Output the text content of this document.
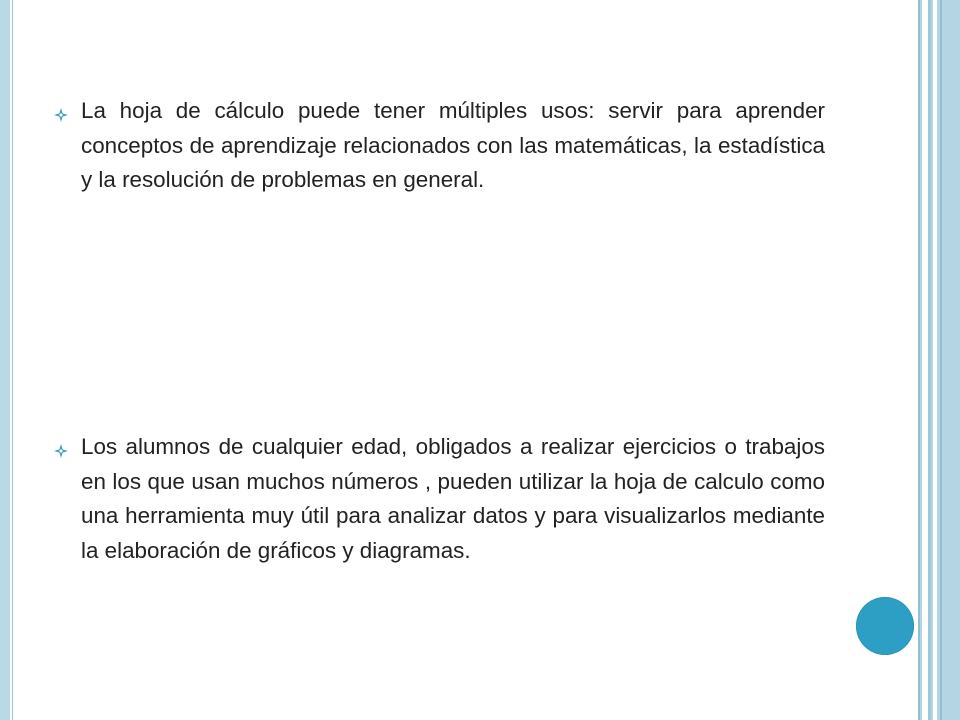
La hoja de cálculo puede tener múltiples usos: servir para aprender conceptos de aprendizaje relacionados con las matemáticas, la estadística y la resolución de problemas en general.

Los alumnos de cualquier edad, obligados a realizar ejercicios o trabajos en los que usan muchos números , pueden utilizar la hoja de calculo como una herramienta muy útil para analizar datos y para visualizarlos mediante la elaboración de gráficos y diagramas.
